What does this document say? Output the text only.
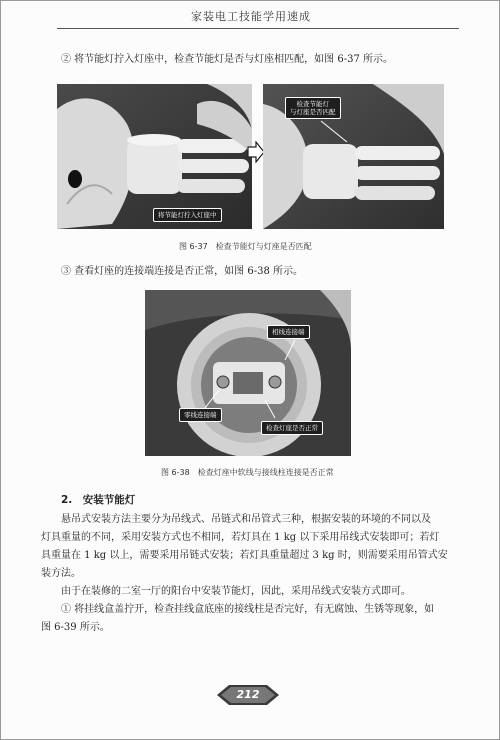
家装电工技能学用速成
② 将节能灯拧入灯座中，检查节能灯是否与灯座相匹配，如图 6-37 所示。
将节能灯拧入灯座中
检查节能灯
与灯座是否匹配
图 6-37　检查节能灯与灯座是否匹配
③ 查看灯座的连接端连接是否正常，如图 6-38 所示。
相线连接端
零线连接端
检查灯座是否正常
图 6-38　检查灯座中软线与接线柱连接是否正常
2.　安装节能灯
悬吊式安装方法主要分为吊线式、吊链式和吊管式三种，根据安装的环境的不同以及
灯具重量的不同，采用安装方式也不相同，若灯具在 1 kg 以下采用吊线式安装即可；若灯
具重量在 1 kg 以上，需要采用吊链式安装；若灯具重量超过 3 kg 时，则需要采用吊管式安
装方法。
由于在装修的二室一厅的阳台中安装节能灯，因此，采用吊线式安装方式即可。
① 将挂线盒盖拧开，检查挂线盒底座的接线柱是否完好，有无腐蚀、生锈等现象，如
图 6-39 所示。
212
